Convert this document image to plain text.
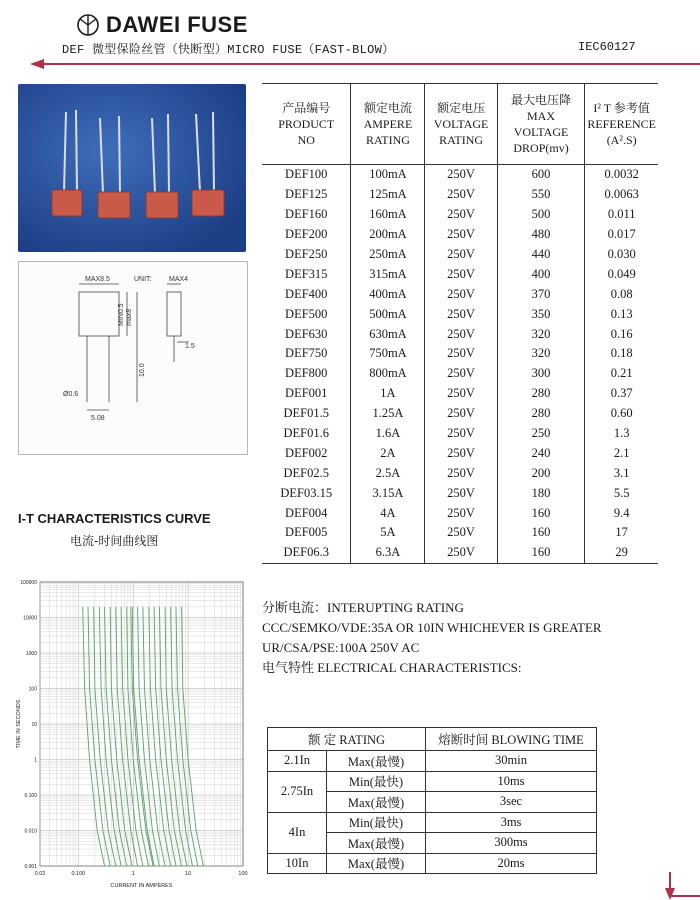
DAWEI FUSE
DEF 微型保险丝管（快断型）MICRO FUSE（FAST-BLOW）	IEC60127
MAX8.5	UNIT:	MAX4
MIN0.5 max8
10.0
Ø0.6
5.08
1.5
产品编号
PRODUCT
NO	额定电流
AMPERE
RATING	额定电压
VOLTAGE
RATING	最大电压降
MAX
VOLTAGE
DROP(mv)	I² T 参考值
REFERENCE
(A².S)

DEF100	100mA	250V	600	0.0032
DEF125	125mA	250V	550	0.0063
DEF160	160mA	250V	500	0.011
DEF200	200mA	250V	480	0.017
DEF250	250mA	250V	440	0.030
DEF315	315mA	250V	400	0.049
DEF400	400mA	250V	370	0.08
DEF500	500mA	250V	350	0.13
DEF630	630mA	250V	320	0.16
DEF750	750mA	250V	320	0.18
DEF800	800mA	250V	300	0.21
DEF001	1A	250V	280	0.37
DEF01.5	1.25A	250V	280	0.60
DEF01.6	1.6A	250V	250	1.3
DEF002	2A	250V	240	2.1
DEF02.5	2.5A	250V	200	3.1
DEF03.15	3.15A	250V	180	5.5
DEF004	4A	250V	160	9.4
DEF005	5A	250V	160	17
DEF06.3	6.3A	250V	160	29
I-T CHARACTERISTICS CURVE
电流-时间曲线图
100000
10000
1000
100
10
1
0.100
0.010
0.001
0.02	0.100	1	10	100
CURRENT IN AMPERES
TIME IN SECONDS
分断电流：INTERUPTING RATING
CCC/SEMKO/VDE:35A OR 10IN WHICHEVER IS GREATER
UR/CSA/PSE:100A 250V AC
电气特性 ELECTRICAL CHARACTERISTICS:
额 定 RATING		熔断时间 BLOWING TIME
2.1In	Max(最慢)	30min
2.75In	Min(最快)	10ms
	Max(最慢)	3sec
4In	Min(最快)	3ms
	Max(最慢)	300ms
10In	Max(最慢)	20ms
